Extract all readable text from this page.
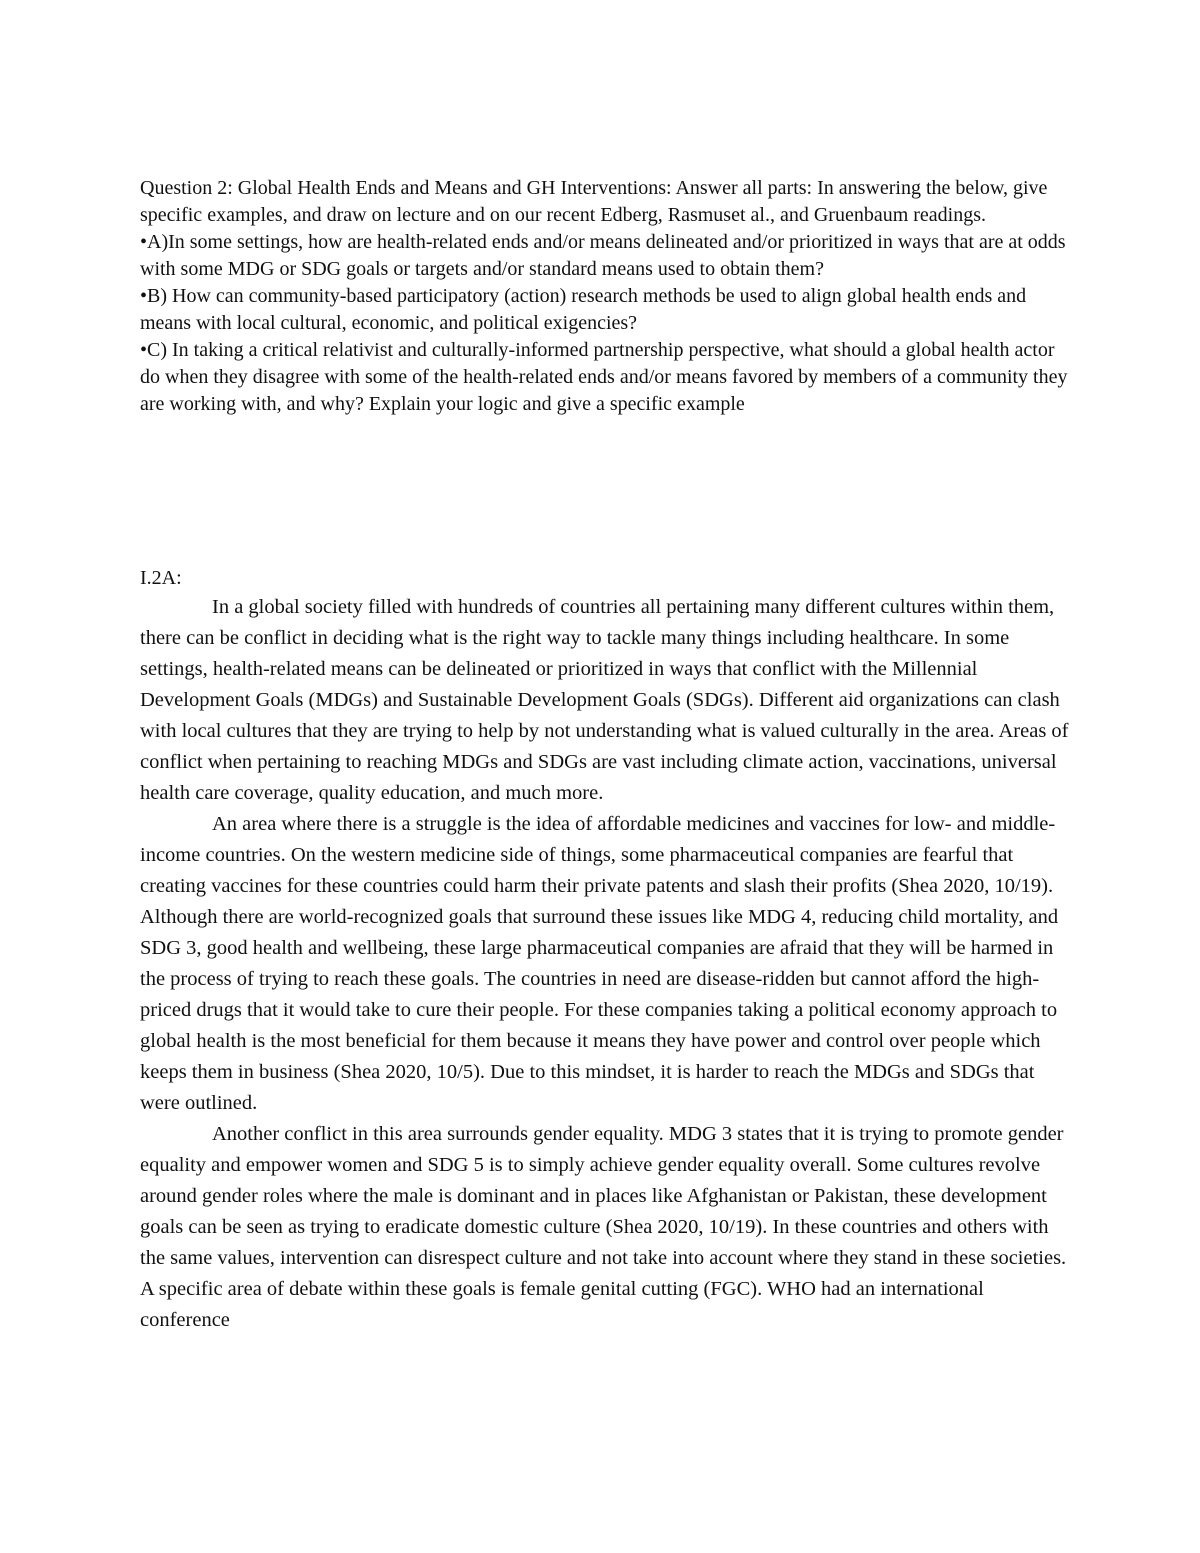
Question 2: Global Health Ends and Means and GH Interventions: Answer all parts: In answering the below, give specific examples, and draw on lecture and on our recent Edberg, Rasmuset al., and Gruenbaum readings.

•A)In some settings, how are health-related ends and/or means delineated and/or prioritized in ways that are at odds with some MDG or SDG goals or targets and/or standard means used to obtain them?

•B) How can community-based participatory (action) research methods be used to align global health ends and means with local cultural, economic, and political exigencies?

•C) In taking a critical relativist and culturally-informed partnership perspective, what should a global health actor do when they disagree with some of the health-related ends and/or means favored by members of a community they are working with, and why? Explain your logic and give a specific example

I.2A:

In a global society filled with hundreds of countries all pertaining many different cultures within them, there can be conflict in deciding what is the right way to tackle many things including healthcare. In some settings, health-related means can be delineated or prioritized in ways that conflict with the Millennial Development Goals (MDGs) and Sustainable Development Goals (SDGs). Different aid organizations can clash with local cultures that they are trying to help by not understanding what is valued culturally in the area. Areas of conflict when pertaining to reaching MDGs and SDGs are vast including climate action, vaccinations, universal health care coverage, quality education, and much more.

An area where there is a struggle is the idea of affordable medicines and vaccines for low- and middle-income countries. On the western medicine side of things, some pharmaceutical companies are fearful that creating vaccines for these countries could harm their private patents and slash their profits (Shea 2020, 10/19). Although there are world-recognized goals that surround these issues like MDG 4, reducing child mortality, and SDG 3, good health and wellbeing, these large pharmaceutical companies are afraid that they will be harmed in the process of trying to reach these goals. The countries in need are disease-ridden but cannot afford the high-priced drugs that it would take to cure their people. For these companies taking a political economy approach to global health is the most beneficial for them because it means they have power and control over people which keeps them in business (Shea 2020, 10/5). Due to this mindset, it is harder to reach the MDGs and SDGs that were outlined.

Another conflict in this area surrounds gender equality. MDG 3 states that it is trying to promote gender equality and empower women and SDG 5 is to simply achieve gender equality overall. Some cultures revolve around gender roles where the male is dominant and in places like Afghanistan or Pakistan, these development goals can be seen as trying to eradicate domestic culture (Shea 2020, 10/19). In these countries and others with the same values, intervention can disrespect culture and not take into account where they stand in these societies. A specific area of debate within these goals is female genital cutting (FGC). WHO had an international conference
